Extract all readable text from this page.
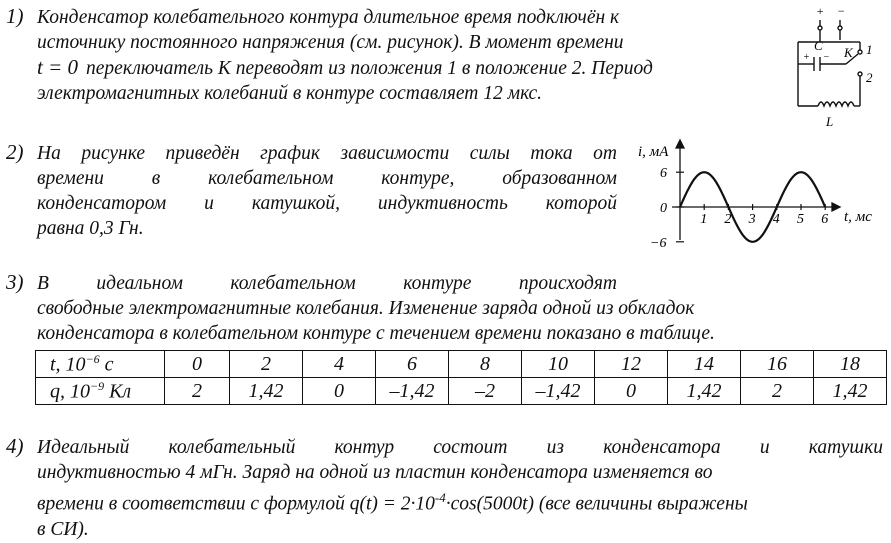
1) Конденсатор колебательного контура длительное время подключён к
источнику постоянного напряжения (см. рисунок). В момент времени
t = 0 переключатель К переводят из положения 1 в положение 2. Период
электромагнитных колебаний в контуре составляет 12 мкс.
+ −
C
+ − К 1
2
L
2) На рисунке приведён график зависимости силы тока от
времени в колебательном контуре, образованном
конденсатором и катушкой, индуктивность которой
равна 0,3 Гн.	1 2 3 4 5 6
6
0
−6
i, мА
t, мс
3) В идеальном колебательном контуре происходят
свободные электромагнитные колебания. Изменение заряда одной из обкладок
конденсатора в колебательном контуре с течением времени показано в таблице.
t, $10^{-6}$ с	0	2	4	6	8	10	12	14	16	18
q, $10^{-9}$ Кл	2	1,42	0	–1,42	–2	–1,42	0	1,42	2	1,42
4) Идеальный колебательный контур состоит из конденсатора и катушки
индуктивностью 4 мГн. Заряд на одной из пластин конденсатора изменяется во
времени в соответствии с формулой $q(t) = 2\cdot 10^{-4}\cdot\cos(5000t)$ (все величины выражены
в СИ).
